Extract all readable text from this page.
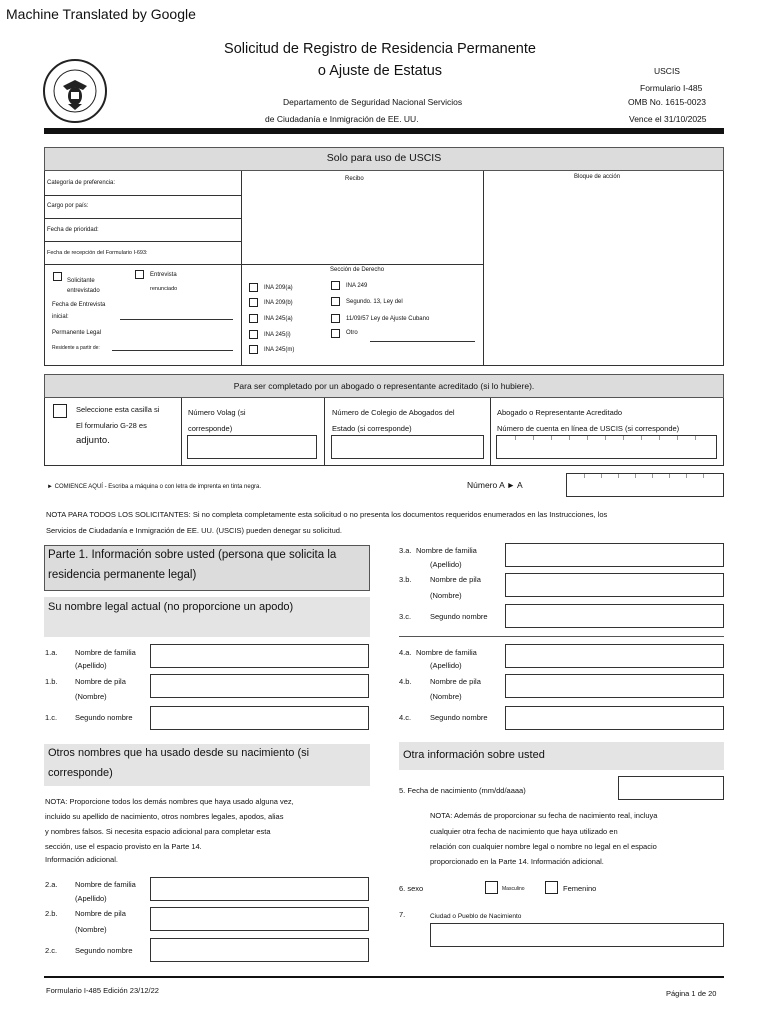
Machine Translated by Google
Solicitud de Registro de Residencia Permanente
o Ajuste de Estatus
Departamento de Seguridad Nacional Servicios
de Ciudadanía e Inmigración de EE. UU.
USCIS
Formulario I-485
OMB No. 1615-0023
Vence el 31/10/2025
Solo para uso de USCIS
Categoría de preferencia:
Cargo por país:
Fecha de prioridad:
Fecha de recepción del Formulario I-693:
Recibo	Bloque de acción
Solicitante entrevistado
Entrevista
renunciado
Fecha de Entrevista inicial:
Permanente Legal
Residente a partir de:
Sección de Derecho
INA 209(a)
INA 209(b)
INA 245(a)
INA 245(i)
INA 245(m)
INA 249
Segundo. 13, Ley del
11/09/57 Ley de Ajuste Cubano
Otro
Para ser completado por un abogado o representante acreditado (si lo hubiere).
Seleccione esta casilla si
El formulario G-28 es
adjunto.
Número Volag (si
corresponde)
Número de Colegio de Abogados del
Estado (si corresponde)
Abogado o Representante Acreditado
Número de cuenta en línea de USCIS (si corresponde)
► COMIENCE AQUÍ - Escriba a máquina o con letra de imprenta en tinta negra.	Número A ► A
NOTA PARA TODOS LOS SOLICITANTES: Si no completa completamente esta solicitud o no presenta los documentos requeridos enumerados en las Instrucciones, los
Servicios de Ciudadanía e Inmigración de EE. UU. (USCIS) pueden denegar su solicitud.
Parte 1. Información sobre usted (persona que solicita la
residencia permanente legal)
Su nombre legal actual (no proporcione un apodo)
1.a. Nombre de familia
(Apellido)
1.b. Nombre de pila
(Nombre)
1.c. Segundo nombre
Otros nombres que ha usado desde su nacimiento (si
corresponde)
NOTA: Proporcione todos los demás nombres que haya usado alguna vez,
incluido su apellido de nacimiento, otros nombres legales, apodos, alias
y nombres falsos. Si necesita espacio adicional para completar esta
sección, use el espacio provisto en la Parte 14.
Información adicional.
2.a. Nombre de familia
(Apellido)
2.b. Nombre de pila
(Nombre)
2.c. Segundo nombre
3.a. Nombre de familia
(Apellido)
3.b. Nombre de pila
(Nombre)
3.c.	Segundo nombre
4.a. Nombre de familia
(Apellido)
4.b. Nombre de pila
(Nombre)
4.c.	Segundo nombre
Otra información sobre usted
5. Fecha de nacimiento (mm/dd/aaaa)
NOTA: Además de proporcionar su fecha de nacimiento real, incluya
cualquier otra fecha de nacimiento que haya utilizado en
relación con cualquier nombre legal o nombre no legal en el espacio
proporcionado en la Parte 14. Información adicional.
6. sexo	Masculino	Femenino
7.	Ciudad o Pueblo de Nacimiento
Formulario I-485 Edición 23/12/22	Página 1 de 20
